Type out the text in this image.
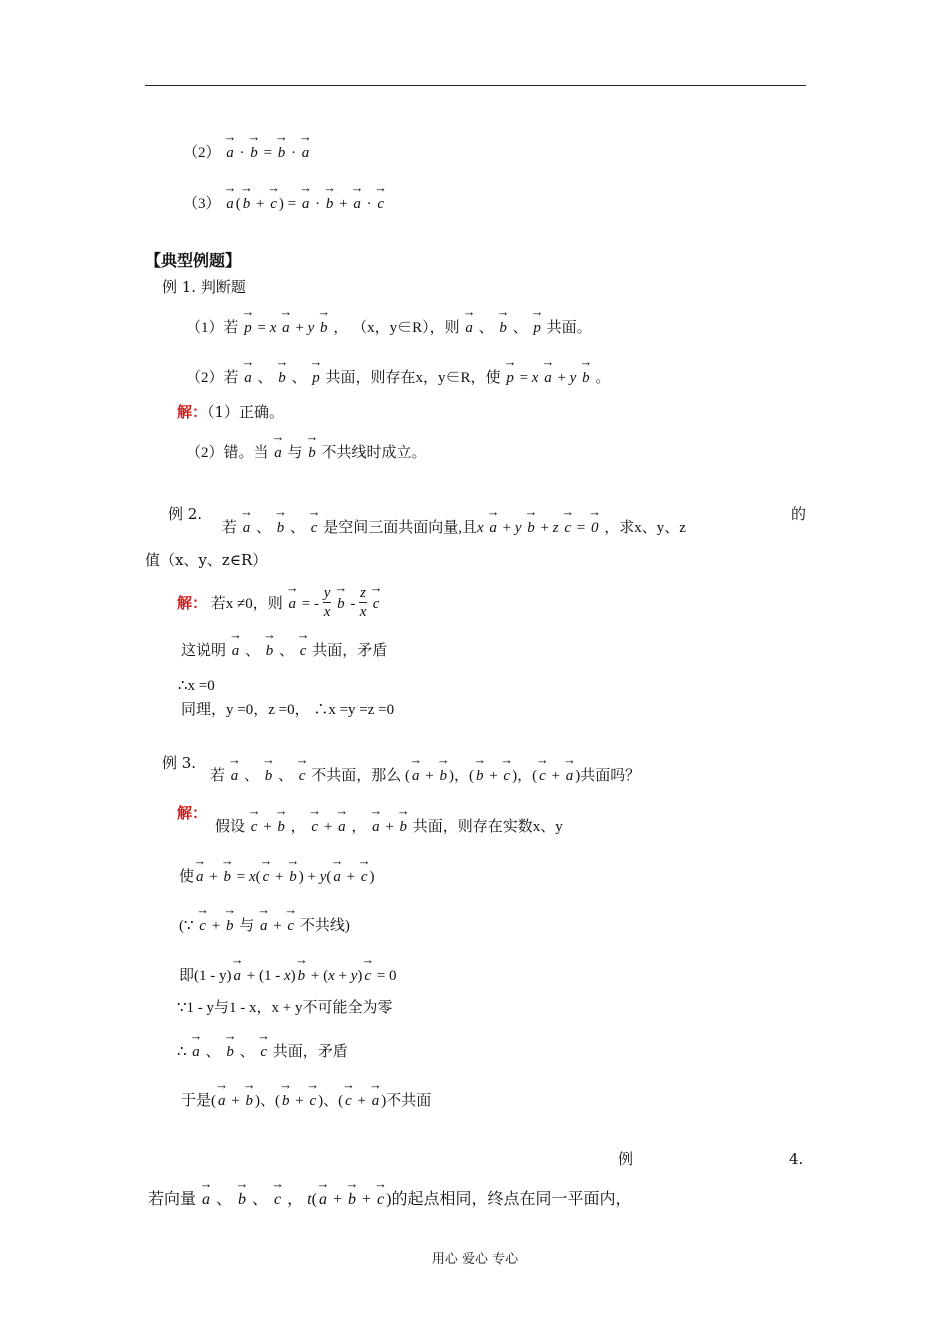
（2） → a · → b = → b · → a
（3） → a (→ b + → c ) = → a · → b + → a · → c
【典型例题】
例 1. 判断题
（1）若 → p = x → a + y → b ， （x，y∈R），则 → a 、 → b 、 → p 共面。
（2）若 → a 、 → b 、 → p 共面，则存在x，y∈R，使 → p = x → a + y → b 。
解：（1）正确。
（2）错。当 → a 与 → b 不共线时成立。
例 2.
若 → a 、 → b 、 → c 是空间三面共面向量,且x → a + y → b + z → c = → 0 ，求x、y、z
的
值（x、y、z∈R）
解： 若x ≠0，则 → a = - $\frac{y}{x}$
→ b - $\frac{z}{x}$
→ c
这说明 → a 、 → b 、 → c 共面，矛盾
∴x =0
同理，y =0，z =0， ∴x =y =z =0
例 3.
若 → a 、 → b 、 → c 不共面，那么 (→ a + → b )，(→ b + → c )，(→ c + → a )共面吗？
解：
假设 → c + → b ， → c + → a ， → a + → b 共面，则存在实数x、y
使→ a + → b = x(→ c + → b ) + y(→ a + → c )
(∵ → c + → b 与 → a + → c 不共线)
即(1 - y)→ a + (1 - x)→ b + (x + y)→ c = 0
∵1 - y与1 - x，x + y不可能全为零
∴ → a 、 → b 、 → c 共面，矛盾
于是(→ a + → b )、(→ b + → c )、(→ c + → a )不共面
例	4.
若向量 → a 、 → b 、 → c ， t(→ a + → b + → c )的起点相同，终点在同一平面内，
用心 爱心 专心
